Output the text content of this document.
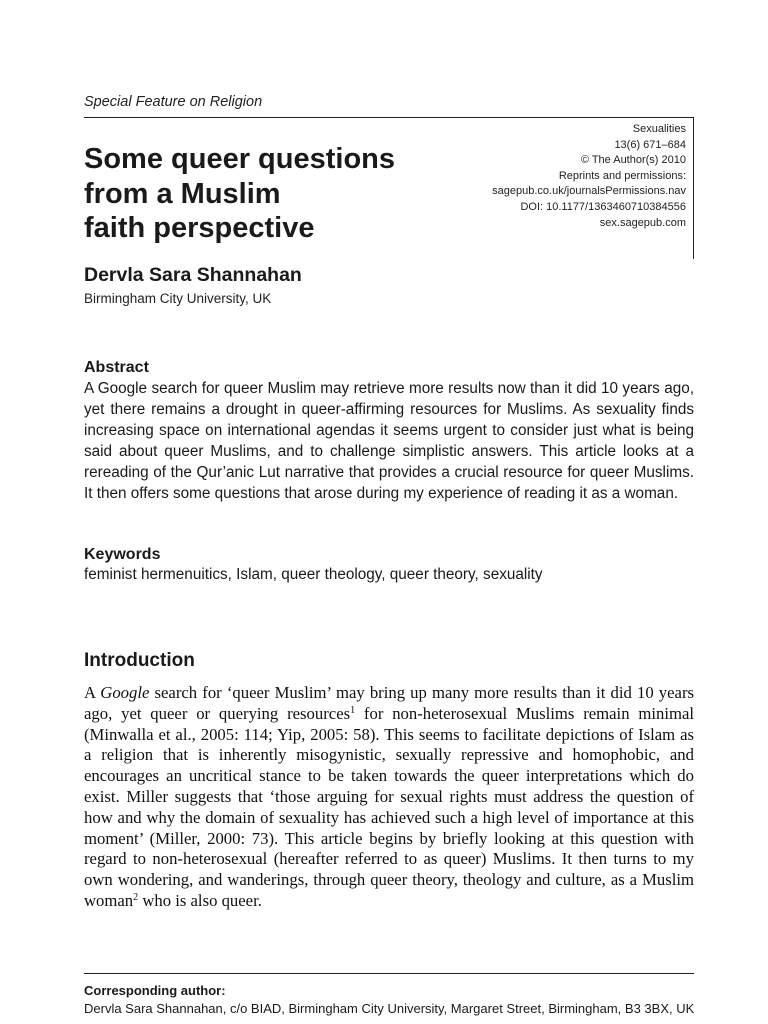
Special Feature on Religion
Sexualities
13(6) 671–684
© The Author(s) 2010
Reprints and permissions:
sagepub.co.uk/journalsPermissions.nav
DOI: 10.1177/1363460710384556
sex.sagepub.com
Some queer questions
from a Muslim
faith perspective
Dervla Sara Shannahan
Birmingham City University, UK
Abstract
A Google search for queer Muslim may retrieve more results now than it did 10 years ago, yet there remains a drought in queer-affirming resources for Muslims. As sexuality finds increasing space on international agendas it seems urgent to consider just what is being said about queer Muslims, and to challenge simplistic answers. This article looks at a rereading of the Qur’anic Lut narrative that provides a crucial resource for queer Muslims. It then offers some questions that arose during my experience of reading it as a woman.
Keywords
feminist hermenuitics, Islam, queer theology, queer theory, sexuality
Introduction
A Google search for ‘queer Muslim’ may bring up many more results than it did 10 years ago, yet queer or querying resources$^1$ for non-heterosexual Muslims remain minimal (Minwalla et al., 2005: 114; Yip, 2005: 58). This seems to facilitate depictions of Islam as a religion that is inherently misogynistic, sexually repressive and homophobic, and encourages an uncritical stance to be taken towards the queer interpretations which do exist. Miller suggests that ‘those arguing for sexual rights must address the question of how and why the domain of sexuality has achieved such a high level of importance at this moment’ (Miller, 2000: 73). This article begins by briefly looking at this question with regard to non-heterosexual (hereafter referred to as queer) Muslims. It then turns to my own wondering, and wanderings, through queer theory, theology and culture, as a Muslim woman$^2$ who is also queer.
Corresponding author:
Dervla Sara Shannahan, c/o BIAD, Birmingham City University, Margaret Street, Birmingham, B3 3BX, UK
